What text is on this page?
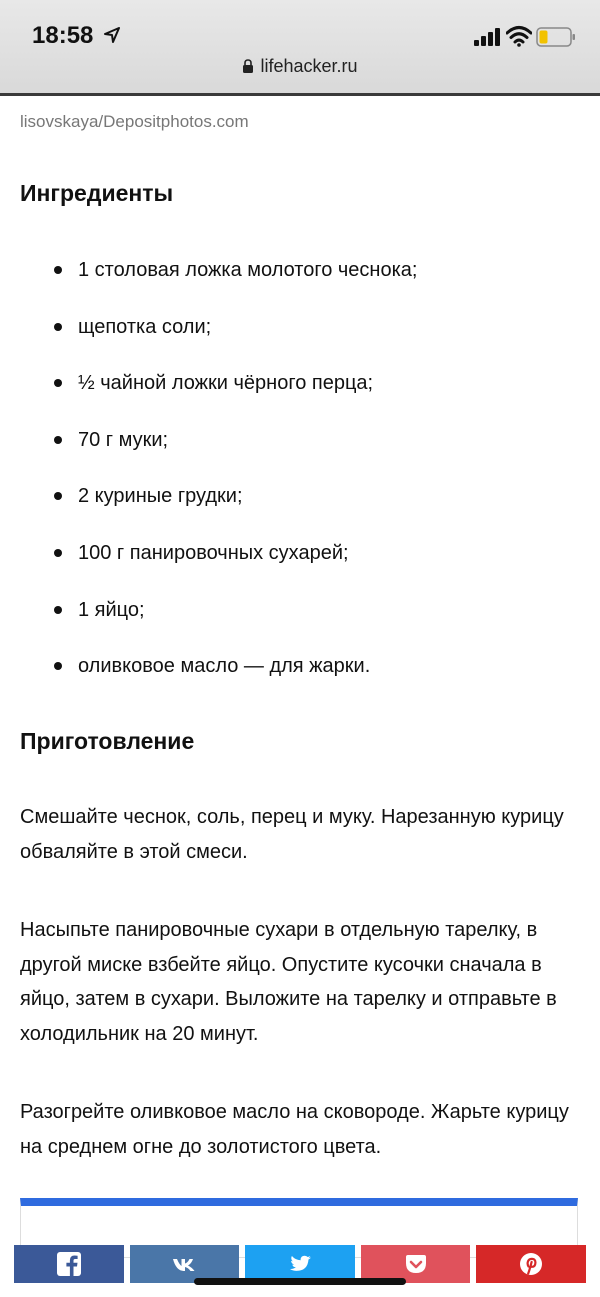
18:58
lifehacker.ru
lisovskaya/Depositphotos.com
Ингредиенты
1 столовая ложка молотого чеснока;
щепотка соли;
½ чайной ложки чёрного перца;
70 г муки;
2 куриные грудки;
100 г панировочных сухарей;
1 яйцо;
оливковое масло — для жарки.
Приготовление

Смешайте чеснок, соль, перец и муку. Нарезанную курицу обваляйте в этой смеси.

Насыпьте панировочные сухари в отдельную тарелку, в другой миске взбейте яйцо. Опустите кусочки сначала в яйцо, затем в сухари. Выложите на тарелку и отправьте в холодильник на 20 минут.

Разогрейте оливковое масло на сковороде. Жарьте курицу на среднем огне до золотистого цвета.
